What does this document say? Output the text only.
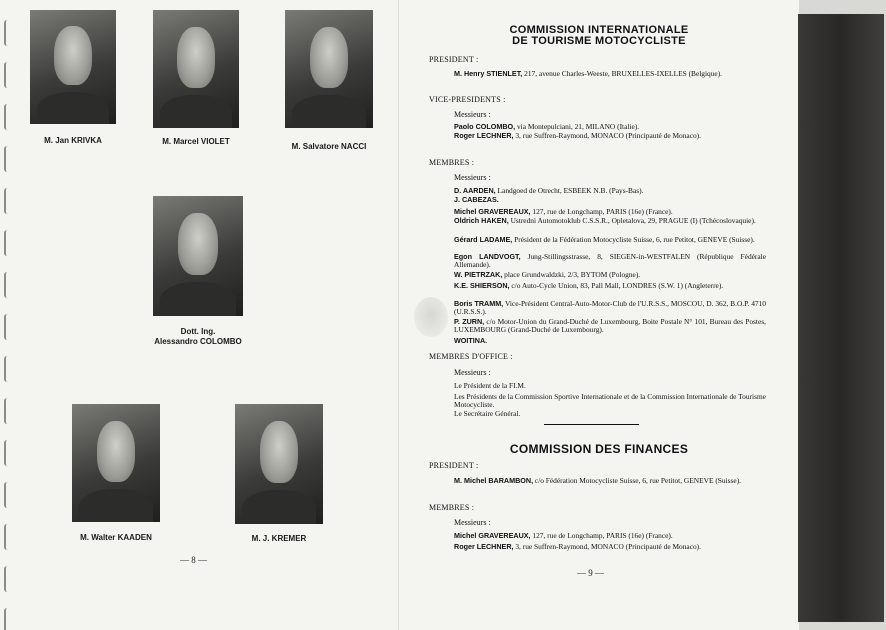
M. Jan KRIVKA	M. Marcel VIOLET
M. Salvatore NACCI
Dott. Ing.
Alessandro COLOMBO
M. Walter KAADEN	M. J. KREMER
— 8 —
COMMISSION INTERNATIONALE
DE TOURISME MOTOCYCLISTE
PRESIDENT :
M. Henry STIENLET, 217, avenue Charles-Weeste, BRUXELLES-IXELLES (Belgique).
VICE-PRESIDENTS :
Messieurs :
Paolo COLOMBO, via Montepulciani, 21, MILANO (Italie).
Roger LECHNER, 3, rue Suffren-Raymond, MONACO (Principauté de Monaco).
MEMBRES :
Messieurs :
D. AARDEN, Landgoed de Otrecht, ESBEEK N.B. (Pays-Bas).
J. CABEZAS.
Michel GRAVEREAUX, 127, rue de Longchamp, PARIS (16e) (France).
Oldrich HAKEN, Ustredni Automotoklub C.S.S.R., Opletalova, 29, PRAGUE (I) (Tchécoslovaquie).
Gérard LADAME, Président de la Fédération Motocycliste Suisse, 6, rue Petitot, GENEVE (Suisse).
Egon LANDVOGT, Jung-Stillingsstrasse, 8, SIEGEN-in-WESTFALEN (République Fédérale Allemande).
W. PIETRZAK, place Grundwaldzki, 2/3, BYTOM (Pologne).
K.E. SHIERSON, c/o Auto-Cycle Union, 83, Pall Mall, LONDRES (S.W. 1) (Angleterre).
Boris TRAMM, Vice-Président Central-Auto-Motor-Club de l'U.R.S.S., MOSCOU, D. 362, B.O.P. 4710 (U.R.S.S.).
P. ZURN, c/o Motor-Union du Grand-Duché de Luxembourg, Boite Postale N° 101, Bureau des Postes, LUXEMBOURG (Grand-Duché de Luxembourg).
WOITINA.
MEMBRES D'OFFICE :
Messieurs :
Le Président de la FI.M.
Les Présidents de la Commission Sportive Internationale et de la Commission Internationale de Tourisme Motocycliste.
Le Secrétaire Général.
COMMISSION DES FINANCES
PRESIDENT :
M. Michel BARAMBON, c/o Fédération Motocycliste Suisse, 6, rue Petitot, GENEVE (Suisse).
MEMBRES :
Messieurs :
Michel GRAVEREAUX, 127, rue de Longchamp, PARIS (16e) (France).
Roger LECHNER, 3, rue Suffren-Raymond, MONACO (Principauté de Monaco).
— 9 —
